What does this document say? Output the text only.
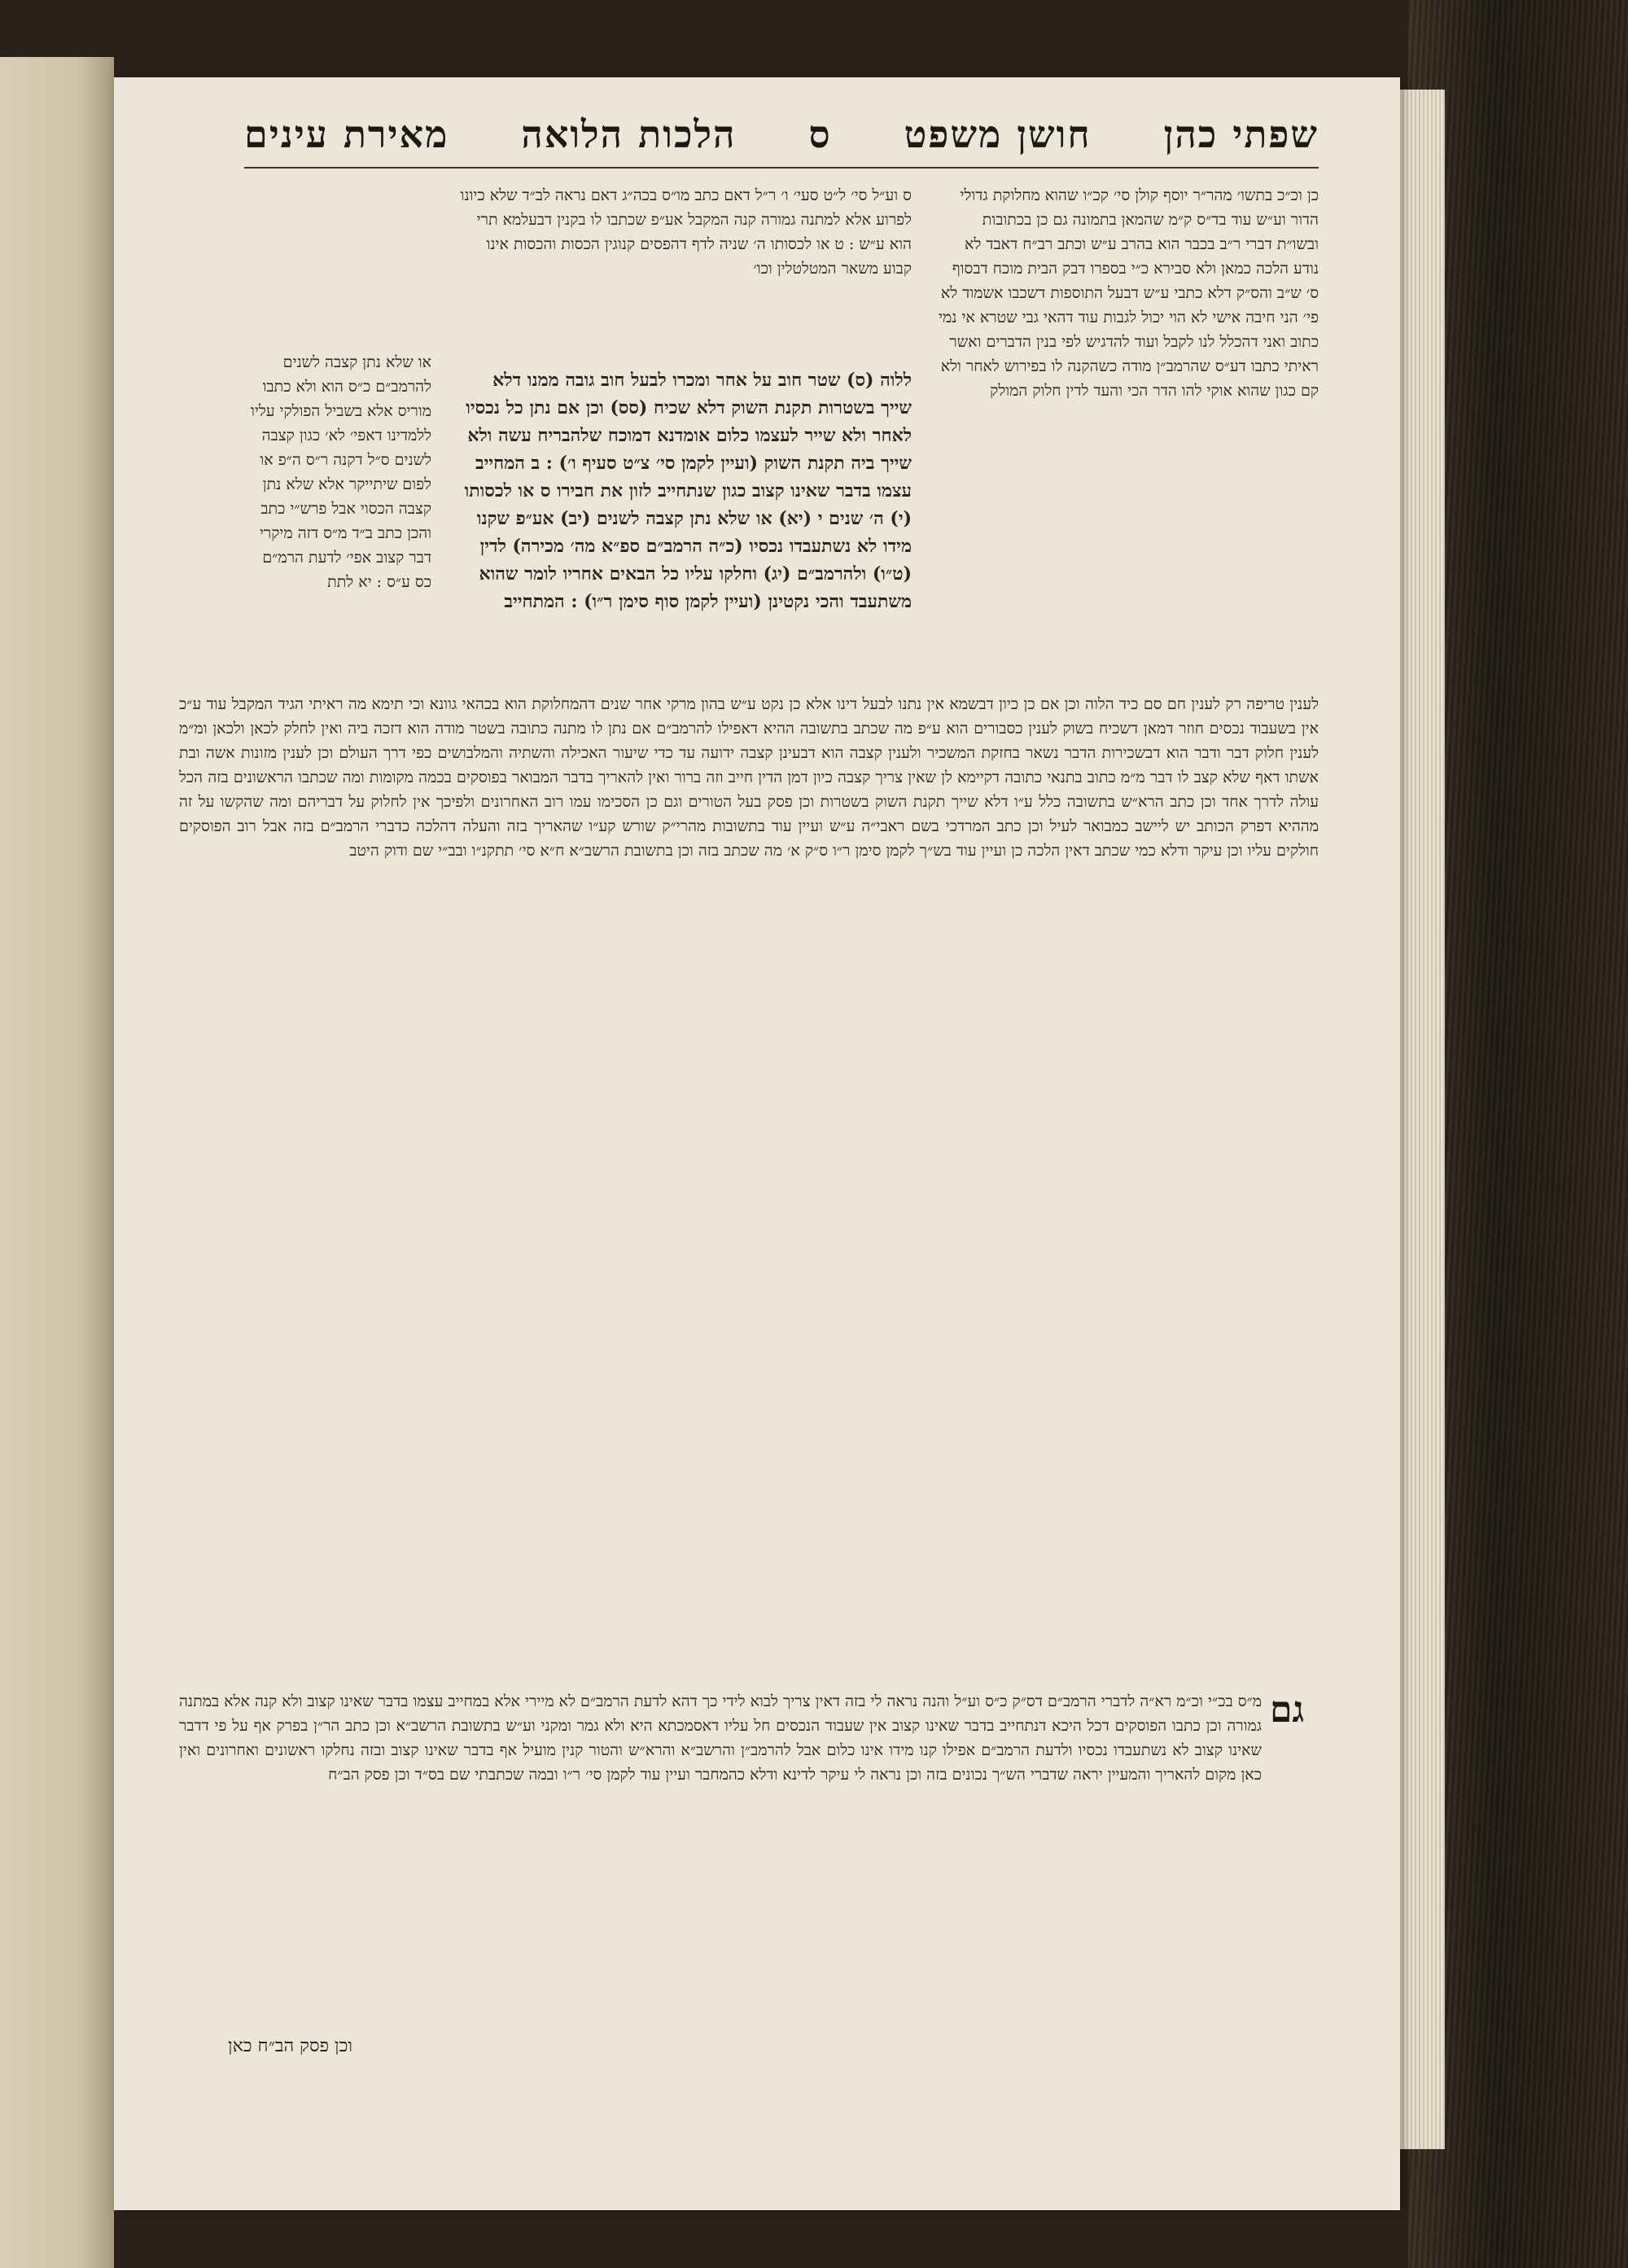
שפתי כהן
חושן משפט
ס
הלכות הלואה
מאירת עינים

כן וכ״כ בתשו׳ מהר״ר יוסף קולן סי׳ קכ״ו שהוא מחלוקת גדולי הדור וע״ש עוד בד״ס ק״מ שהמאן בתמונה גם כן בכתובות ובשו״ת דברי ר״ב בכבר הוא בהרב ע״ש וכתב רב״ח דאבד לא נודע הלכה כמאן ולא סבירא כ״י בספרו דבק הבית מוכח דבסוף ס׳ ש״ב והס״ק דלא כתבי ע״ש דבעל התוספות דשכבו אשמוד לא פי׳ הני חיבה אישי לא הוי יכול לגבות עוד דהאי גבי שטרא אי נמי כתוב ואני דהכלל לנו לקבל ועוד להדגיש לפי בנין הדברים ואשר ראיתי כתבו דע״ס שהרמב״ן מודה כשהקנה לו בפירוש לאחר ולא קם כגון שהוא אוקי להו הדר הכי והעד לדין חלוק המולק

ס וע״ל סי׳ ל״ט סעי׳ ו׳ ר״ל דאם כתב מו״ס בכה״ג דאם נראה לב״ד שלא כיונו לפרוע אלא למתנה גמורה קנה המקבל אע״פ שכתבו לו בקנין דבעלמא תרי הוא ע״ש : ט או לכסותו ה׳ שניה לדף דהפסים קנוגין הכסות והכסות אינו קבוע משאר המטלטלין וכו׳

ללוה (ס) שטר חוב על אחר ומכרו לבעל חוב גובה ממנו דלא שייך בשטרות תקנת השוק דלא שכיח (סס) וכן אם נתן כל נכסיו לאחר ולא שייר לעצמו כלום אומדנא דמוכח שלהבריח עשה ולא שייך ביה תקנת השוק (ועיין לקמן סי׳ צ״ט סעיף ו׳) : ב המחייב עצמו בדבר שאינו קצוב כגון שנתחייב לזון את חבירו ס או לכסותו (י) ה׳ שנים י (יא) או שלא נתן קצבה לשנים (יב) אע״פ שקנו מידו לא נשתעבדו נכסיו (כ״ה הרמב״ם ספ״א מה׳ מכירה) לדין (ט״ו) ולהרמב״ם (יג) וחלקו עליו כל הבאים אחריו לומר שהוא משתעבד והכי נקטינן (ועיין לקמן סוף סימן ר״ו) : המתחייב

או שלא נתן קצבה לשנים להרמב״ם כ״ס הוא ולא כתבו מוריס אלא בשביל הפולקי עליו ללמדינו דאפי׳ לא׳ כגון קצבה לשנים ס״ל דקנה ר״ס ה״פ או לפום שיתייקר אלא שלא נתן קצבה הכסוי אבל פרש״י כתב והכן כתב ב״ד מ״ס דזה מיקרי דבר קצוב אפי׳ לדעת הרמ״ם כס ע״ס : יא לתת

לענין טריפה רק לענין חם סם כיד הלוה וכן אם כן כיון דבשמא אין נתנו לבעל דינו אלא כן נקט ע״ש בהון מרקי אחר שנים דהמחלוקת הוא בכהאי גוונא וכי תימא מה ראיתי הגיד המקבל עוד ע״כ אין בשעבוד נכסים חוזר דמאן דשכיח בשוק לענין כסבורים הוא ע״פ מה שכתב בתשובה ההיא דאפילו להרמב״ם אם נתן לו מתנה כתובה בשטר מודה הוא דזכה ביה ואין לחלק לכאן ולכאן ומ״מ לענין חלוק דבר ודבר הוא דבשכירות הדבר נשאר בחזקת המשכיר ולענין קצבה הוא דבעינן קצבה ידועה עד כדי שיעור האכילה והשתיה והמלבושים כפי דרך העולם וכן לענין מזונות אשה ובת אשתו דאף שלא קצב לו דבר מ״מ כתוב בתנאי כתובה דקיימא לן שאין צריך קצבה כיון דמן הדין חייב וזה ברור ואין להאריך בדבר המבואר בפוסקים בכמה מקומות ומה שכתבו הראשונים בזה הכל עולה לדרך אחד וכן כתב הרא״ש בתשובה כלל ע״ו דלא שייך תקנת השוק בשטרות וכן פסק בעל הטורים וגם כן הסכימו עמו רוב האחרונים ולפיכך אין לחלוק על דבריהם ומה שהקשו על זה מההיא דפרק הכותב יש ליישב כמבואר לעיל וכן כתב המרדכי בשם ראבי״ה ע״ש ועיין עוד בתשובות מהרי״ק שורש קע״ו שהאריך בזה והעלה דהלכה כדברי הרמב״ם בזה אבל רוב הפוסקים חולקים עליו וכן עיקר ודלא כמי שכתב דאין הלכה כן ועיין עוד בש״ך לקמן סימן ר״ו ס״ק א׳ מה שכתב בזה וכן בתשובת הרשב״א ח״א סי׳ תתקנ״ו ובב״י שם ודוק היטב

גם

מ״ס בכ״י וכ״מ רא״ה לדברי הרמב״ם דס״ק כ״ס וע״ל והנה נראה לי בזה דאין צריך לבוא לידי כך דהא לדעת הרמב״ם לא מיירי אלא במחייב עצמו בדבר שאינו קצוב ולא קנה אלא במתנה גמורה וכן כתבו הפוסקים דכל היכא דנתחייב בדבר שאינו קצוב אין שעבוד הנכסים חל עליו דאסמכתא היא ולא גמר ומקני וע״ש בתשובת הרשב״א וכן כתב הר״ן בפרק אף על פי דדבר שאינו קצוב לא נשתעבדו נכסיו ולדעת הרמב״ם אפילו קנו מידו אינו כלום אבל להרמב״ן והרשב״א והרא״ש והטור קנין מועיל אף בדבר שאינו קצוב ובזה נחלקו ראשונים ואחרונים ואין כאן מקום להאריך והמעיין יראה שדברי הש״ך נכונים בזה וכן נראה לי עיקר לדינא ודלא כהמחבר ועיין עוד לקמן סי׳ ר״ו ובמה שכתבתי שם בס״ד וכן פסק הב״ח

וכן פסק הב״ח כאן
